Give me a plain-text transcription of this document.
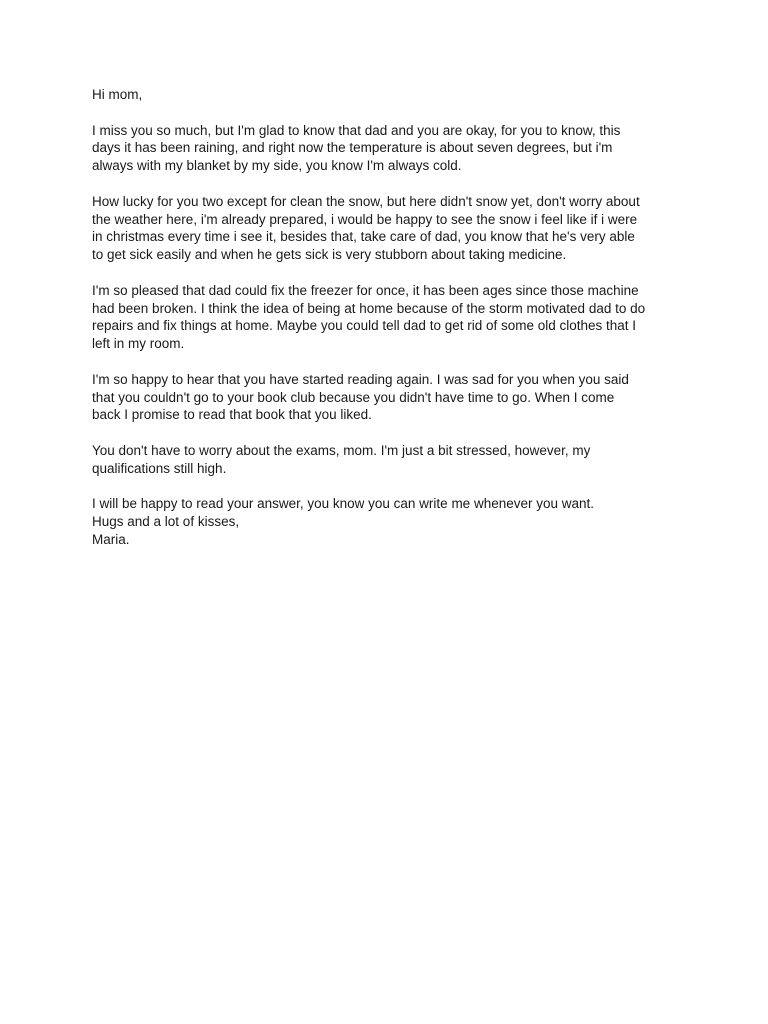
Hi mom,

I miss you so much, but I'm glad to know that dad and you are okay, for you to know, this
days it has been raining, and right now the temperature is about seven degrees, but i'm
always with my blanket by my side, you know I'm always cold.

How lucky for you two except for clean the snow, but here didn't snow yet, don't worry about
the weather here, i'm already prepared, i would be happy to see the snow i feel like if i were
in christmas every time i see it, besides that, take care of dad, you know that he's very able
to get sick easily and when he gets sick is very stubborn about taking medicine.

I'm so pleased that dad could fix the freezer for once, it has been ages since those machine
had been broken. I think the idea of being at home because of the storm motivated dad to do
repairs and fix things at home. Maybe you could tell dad to get rid of some old clothes that I
left in my room.

I'm so happy to hear that you have started reading again. I was sad for you when you said
that you couldn't go to your book club because you didn't have time to go. When I come
back I promise to read that book that you liked.

You don't have to worry about the exams, mom. I'm just a bit stressed, however, my
qualifications still high.

I will be happy to read your answer, you know you can write me whenever you want.
Hugs and a lot of kisses,
Maria.
